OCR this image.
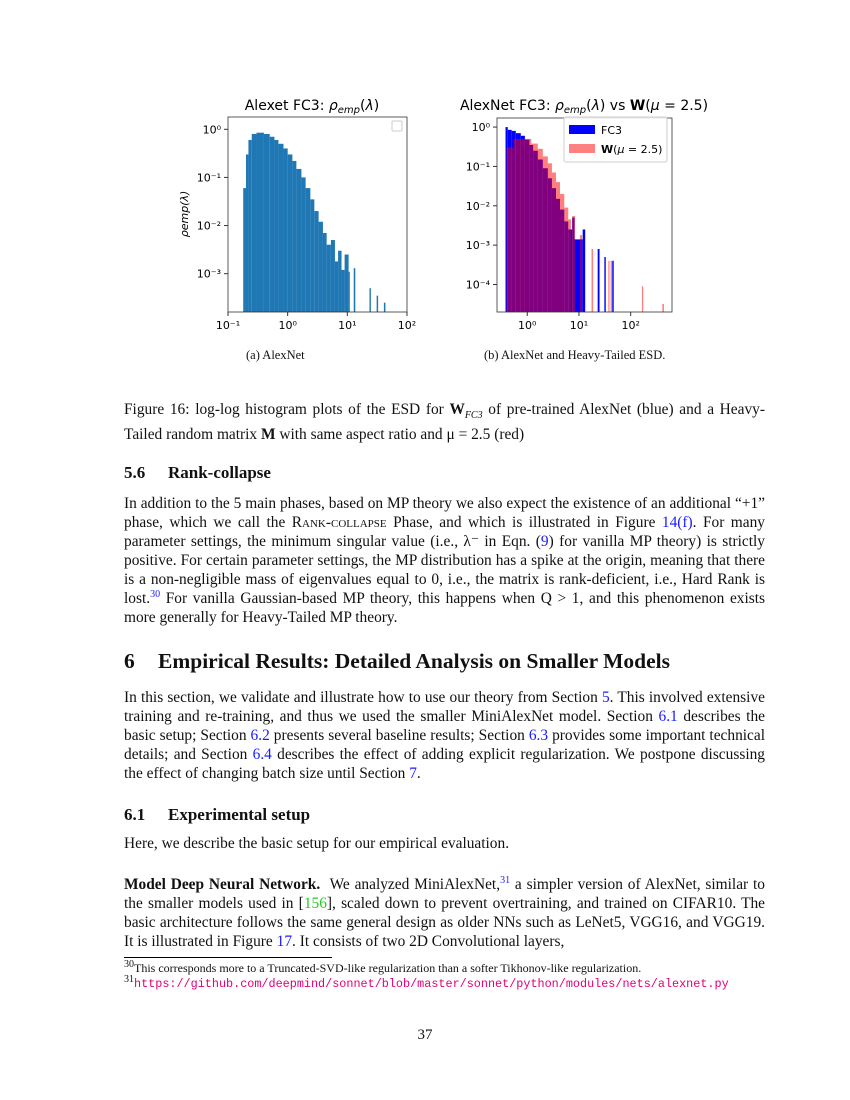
Alexet FC3: $\rho_{emp}(\lambda)$
ρemp(λ)
10⁻¹	10⁰	10¹	10²
10⁰
10⁻¹
10⁻²
10⁻³
AlexNet FC3: $\rho_{emp}(\lambda)$ vs W(μ = 2.5)
FC3
W(μ = 2.5)
10⁰	10¹	10²
10⁰
10⁻¹
10⁻²
10⁻³
10⁻⁴
(a) AlexNet	(b) AlexNet and Heavy-Tailed ESD.
Figure 16: log-log histogram plots of the ESD for $W_{FC3}$ of pre-trained AlexNet (blue) and a Heavy-Tailed random matrix M with same aspect ratio and μ = 2.5 (red)
5.6 Rank-collapse
In addition to the 5 main phases, based on MP theory we also expect the existence of an additional “+1” phase, which we call the Rank-collapse Phase, and which is illustrated in Figure 14(f). For many parameter settings, the minimum singular value (i.e., λ⁻ in Eqn. (9) for vanilla MP theory) is strictly positive. For certain parameter settings, the MP distribution has a spike at the origin, meaning that there is a non-negligible mass of eigenvalues equal to 0, i.e., the matrix is rank-deficient, i.e., Hard Rank is lost.$^{30}$ For vanilla Gaussian-based MP theory, this happens when Q > 1, and this phenomenon exists more generally for Heavy-Tailed MP theory.
6 Empirical Results: Detailed Analysis on Smaller Models
In this section, we validate and illustrate how to use our theory from Section 5. This involved extensive training and re-training, and thus we used the smaller MiniAlexNet model. Section 6.1 describes the basic setup; Section 6.2 presents several baseline results; Section 6.3 provides some important technical details; and Section 6.4 describes the effect of adding explicit regularization. We postpone discussing the effect of changing batch size until Section 7.
6.1 Experimental setup
Here, we describe the basic setup for our empirical evaluation.
Model Deep Neural Network. We analyzed MiniAlexNet,$^{31}$ a simpler version of AlexNet, similar to the smaller models used in [156], scaled down to prevent overtraining, and trained on CIFAR10. The basic architecture follows the same general design as older NNs such as LeNet5, VGG16, and VGG19. It is illustrated in Figure 17. It consists of two 2D Convolutional layers,
$^{30}$This corresponds more to a Truncated-SVD-like regularization than a softer Tikhonov-like regularization.
$^{31}$https://github.com/deepmind/sonnet/blob/master/sonnet/python/modules/nets/alexnet.py
37
